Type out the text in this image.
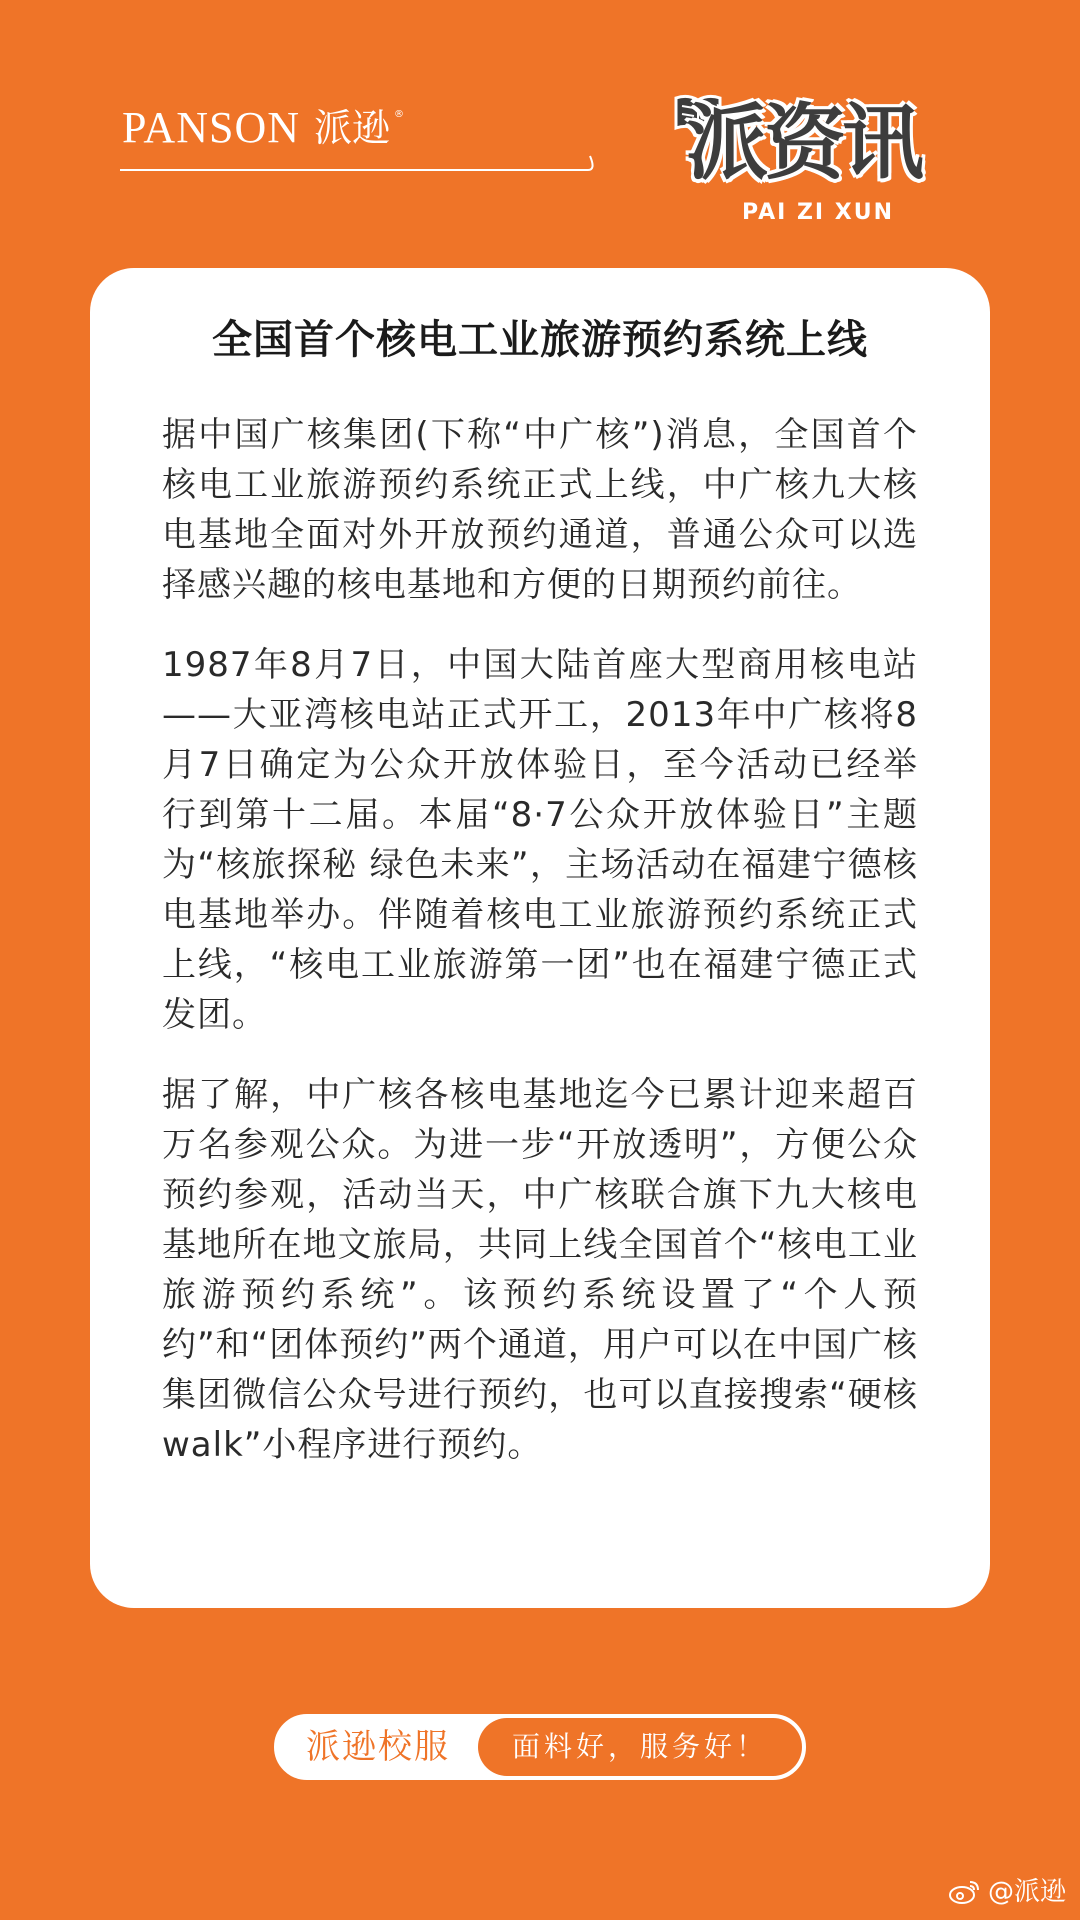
PANSON 派逊 ®	派资讯
PAI ZI XUN
全国首个核电工业旅游预约系统上线

据中国广核集团(下称“中广核”)消息，全国首个核电工业旅游预约系统正式上线，中广核九大核电基地全面对外开放预约通道，普通公众可以选择感兴趣的核电基地和方便的日期预约前往。

1987年8月7日，中国大陆首座大型商用核电站——大亚湾核电站正式开工，2013年中广核将8月7日确定为公众开放体验日，至今活动已经举行到第十二届。本届“8·7公众开放体验日”主题为“核旅探秘 绿色未来”，主场活动在福建宁德核电基地举办。伴随着核电工业旅游预约系统正式上线，“核电工业旅游第一团”也在福建宁德正式发团。

据了解，中广核各核电基地迄今已累计迎来超百万名参观公众。为进一步“开放透明”，方便公众预约参观，活动当天，中广核联合旗下九大核电基地所在地文旅局，共同上线全国首个“核电工业旅游预约系统”。该预约系统设置了“个人预约”和“团体预约”两个通道，用户可以在中国广核集团微信公众号进行预约，也可以直接搜索“硬核walk”小程序进行预约。

派逊校服	面料好，服务好！
@派逊
